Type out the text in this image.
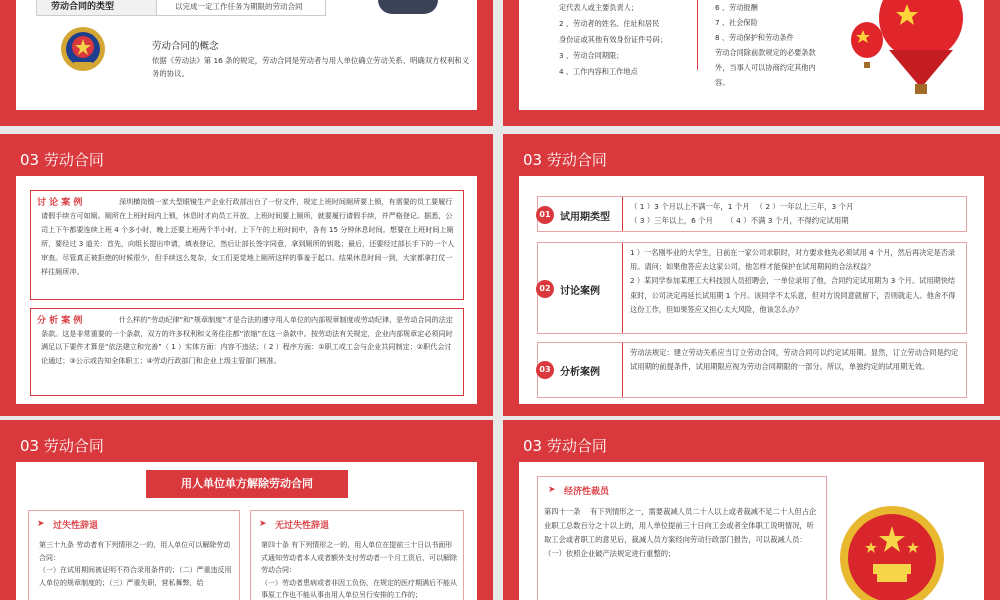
劳动合同的类型	以完成一定工作任务为期限的劳动合同
劳动合同的概念
依据《劳动法》第 16 条的规定，劳动合同是劳动者与用人单位确立劳动关系、明确双方权利和义务的协议。
定代表人或主要负责人；
2 、劳动者的姓名、住址和居民
身份证或其他有效身份证件号码；
3 、劳动合同期限；
4 、工作内容和工作地点
6 、劳动报酬
7 、社会保险
8 、劳动保护和劳动条件
劳动合同除前款规定的必要条款
外，当事人可以协商约定其他内
容。
03 劳动合同
讨 论 案 例	深圳横岗镇一家大型眼镜生产企业行政部出台了一份文件，规定上班时间厕所要上锁，有需要的员工要履行请假手续方可如厕。厕所在上班时间内上锁，休息时才向员工开放，上班时间要上厕所，就要履行请假手续，并严格登记。据悉，公司上下午都要连续上班 4 个多小时，晚上还要上班两个半小时，上下午的上班时间中，各有 15 分钟休息时间。想要在上班时间上厕所，要经过 3 道关：首先，向组长提出申请，填表登记，然后让部长签字同意，拿到厕所的钥匙；最后，还要经过部长手下的一个人审查。尽管真正被拒绝的时候很少，但手续这么复杂，女工们更觉地上厕所这样的事羞于起口。结果休息时间一到，大家都拿打仗一样往厕所冲。
分 析 案 例	什么样的“劳动纪律”和“规章制度”才是合法的遵守用人单位的内部规章制度或劳动纪律，是劳动合同的法定条款。这是非常重要的一个条款，双方的许多权利和义务往往都“浓缩”在这一条款中。按劳动法有关规定，企业内部规章定必须同时满足以下要件才算是“依法建立和完善”（ 1 ）实体方面：内容不违法；（ 2 ）程序方面：①职工或工会与企业共同制定；②职代会讨论通过；③公示或告知全体职工；④劳动行政部门和企业上级主管部门核准。
03 劳动合同
01 试用期类型
（ 1 ）3 个月以上不满一年，1 个月 　（ 2 ）一年以上三年，3 个月
（ 3 ）三年以上，6 个月 　　（ 4 ）不满 3 个月，不得约定试用期
02 讨论案例
1 ）一名刚毕业的大学生，日前在一家公司求职时，对方要求他先必须试用 4 个月，然后再决定是否录用。请问：如果他答应去这家公司，他怎样才能保护在试用期间的合法权益？
2 ）某同学参加某理工大科技园人员招聘会，一单位录用了他，合同约定试用期为 3 个月。试用期快结束时，公司决定再延长试用期 1 个月。该同学不太乐意，但对方说同意就留下，否则就走人。他舍不得这份工作，但如果签应又担心太大风险，他该怎么办？
03 分析案例
劳动法规定：建立劳动关系应当订立劳动合同，劳动合同可以约定试用期。显然，订立劳动合同是约定试用期的前提条件，试用期限应视为劳动合同期限的一部分。所以，单独约定的试用期无效。
03 劳动合同
用人单位单方解除劳动合同
➤ 过失性辞退
第三十九条 劳动者有下列情形之一的，用人单位可以解除劳动合同：
（一）在试用期间被证明不符合录用条件的；（二）严重违反用人单位的规章制度的；（三）严重失职，营私舞弊，给
➤ 无过失性辞退
第四十条 有下列情形之一的，用人单位在提前三十日以书面形式通知劳动者本人或者额外支付劳动者一个月工资后，可以解除劳动合同：
（一）劳动者患病或者非因工负伤，在规定的医疗期满后不能从事原工作也不能从事由用人单位另行安排的工作的；
03 劳动合同
➤ 经济性裁员
第四十一条 　有下列情形之一，需要裁减人员二十人以上或者裁减不足二十人但占企业职工总数百分之十以上的，用人单位提前三十日向工会或者全体职工说明情况，听取工会或者职工的意见后，裁减人员方案经向劳动行政部门报告，可以裁减人员：
（一）依照企业破产法规定进行重整的；
